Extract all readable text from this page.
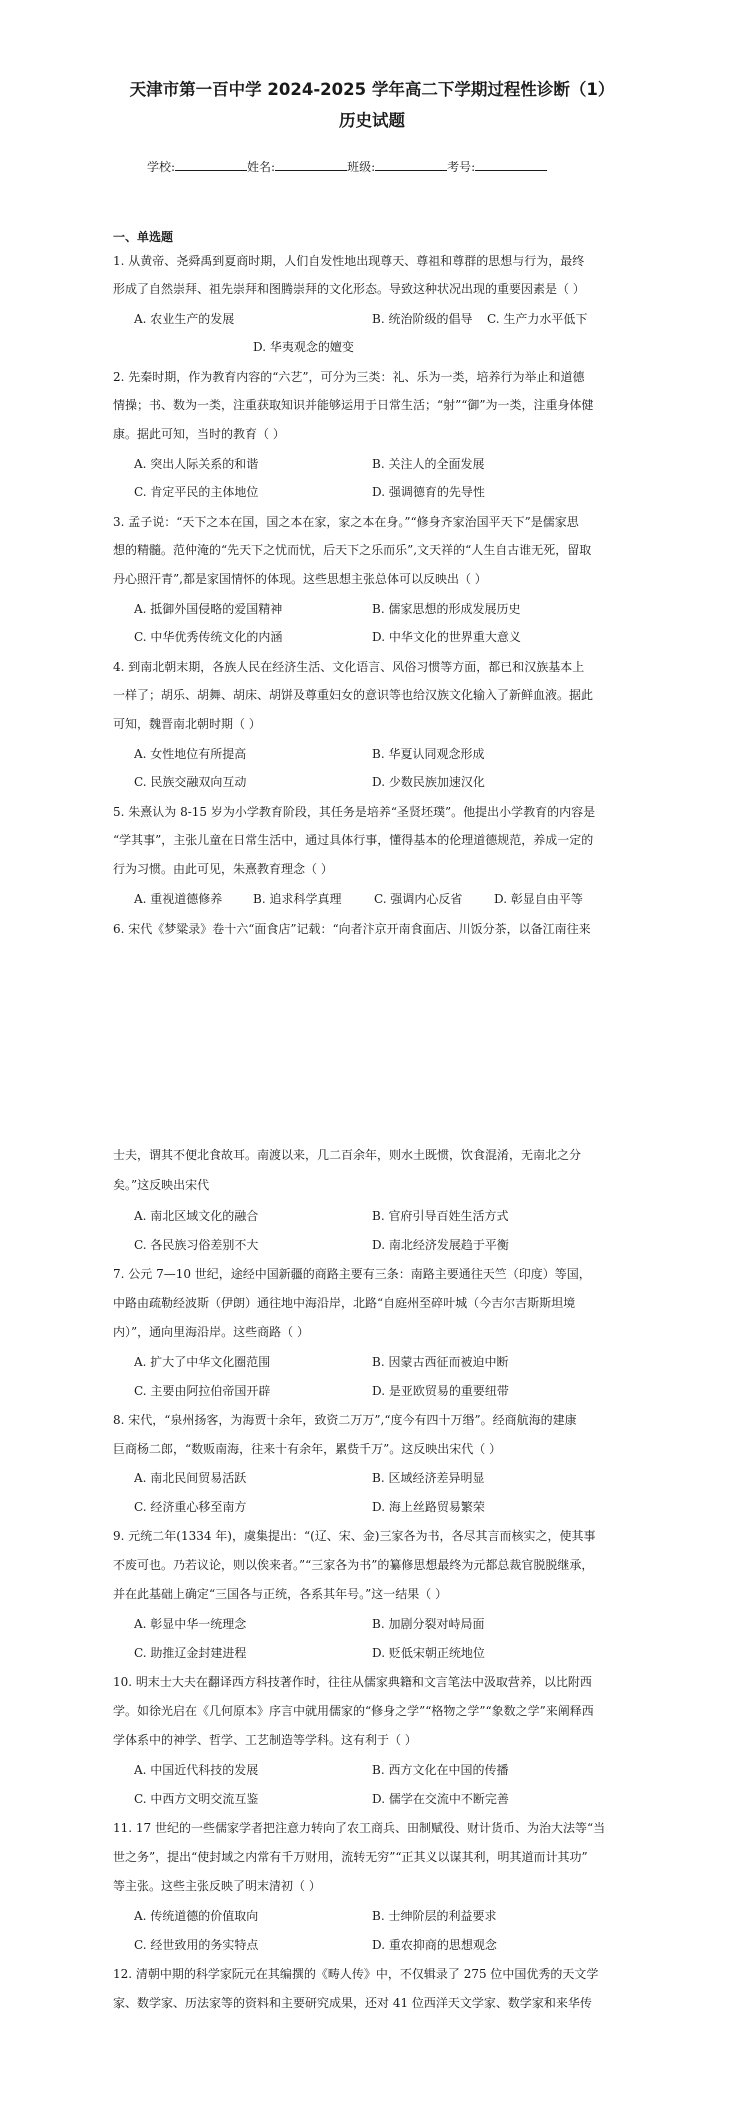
天津市第一百中学 2024-2025 学年高二下学期过程性诊断（1）
历史试题
学校:	姓名:	班级:	考号:
一、单选题
1. 从黄帝、尧舜禹到夏商时期，人们自发性地出现尊天、尊祖和尊群的思想与行为，最终
形成了自然崇拜、祖先崇拜和图腾崇拜的文化形态。导致这种状况出现的重要因素是（ ）
A. 农业生产的发展	B. 统治阶级的倡导 C. 生产力水平低下
D. 华夷观念的嬗变
2. 先秦时期，作为教育内容的“六艺”，可分为三类：礼、乐为一类，培养行为举止和道德
情操；书、数为一类，注重获取知识并能够运用于日常生活；“射”“御”为一类，注重身体健
康。据此可知，当时的教育（ ）
A. 突出人际关系的和谐	B. 关注人的全面发展
C. 肯定平民的主体地位	D. 强调德育的先导性
3. 孟子说：“天下之本在国，国之本在家，家之本在身。”“修身齐家治国平天下”是儒家思
想的精髓。范仲淹的“先天下之忧而忧，后天下之乐而乐”,文天祥的“人生自古谁无死，留取
丹心照汗青”,都是家国情怀的体现。这些思想主张总体可以反映出（ ）
A. 抵御外国侵略的爱国精神	B. 儒家思想的形成发展历史
C. 中华优秀传统文化的内涵	D. 中华文化的世界重大意义
4. 到南北朝末期，各族人民在经济生活、文化语言、风俗习惯等方面，都已和汉族基本上
一样了；胡乐、胡舞、胡床、胡饼及尊重妇女的意识等也给汉族文化输入了新鲜血液。据此
可知，魏晋南北朝时期（ ）
A. 女性地位有所提高	B. 华夏认同观念形成
C. 民族交融双向互动	D. 少数民族加速汉化
5. 朱熹认为 8-15 岁为小学教育阶段，其任务是培养“圣贤坯璞”。他提出小学教育的内容是
“学其事”，主张儿童在日常生活中，通过具体行事，懂得基本的伦理道德规范，养成一定的
行为习惯。由此可见，朱熹教育理念（ ）
A. 重视道德修养	B. 追求科学真理	C. 强调内心反省	D. 彰显自由平等
6. 宋代《梦粱录》卷十六“面食店”记载：“向者汴京开南食面店、川饭分茶，以备江南往来
士夫，谓其不便北食故耳。南渡以来，几二百余年，则水土既惯，饮食混淆，无南北之分
矣。”这反映出宋代
A. 南北区域文化的融合	B. 官府引导百姓生活方式
C. 各民族习俗差别不大	D. 南北经济发展趋于平衡
7. 公元 7—10 世纪，途经中国新疆的商路主要有三条：南路主要通往天竺（印度）等国，
中路由疏勒经波斯（伊朗）通往地中海沿岸，北路“自庭州至碎叶城（今吉尔吉斯斯坦境
内）”，通向里海沿岸。这些商路（ ）
A. 扩大了中华文化圈范围	B. 因蒙古西征而被迫中断
C. 主要由阿拉伯帝国开辟	D. 是亚欧贸易的重要纽带
8. 宋代，“泉州扬客，为海贾十余年，致资二万万”,“度今有四十万缗”。经商航海的建康
巨商杨二郎，“数贩南海，往来十有余年，累赀千万”。这反映出宋代（ ）
A. 南北民间贸易活跃	B. 区域经济差异明显
C. 经济重心移至南方	D. 海上丝路贸易繁荣
9. 元统二年(1334 年)，虞集提出：“(辽、宋、金)三家各为书，各尽其言而核实之，使其事
不废可也。乃若议论，则以俟来者。”“三家各为书”的纂修思想最终为元都总裁官脱脱继承，
并在此基础上确定“三国各与正统，各系其年号。”这一结果（ ）
A. 彰显中华一统理念	B. 加剧分裂对峙局面
C. 助推辽金封建进程	D. 贬低宋朝正统地位
10. 明末士大夫在翻译西方科技著作时，往往从儒家典籍和文言笔法中汲取营养，以比附西
学。如徐光启在《几何原本》序言中就用儒家的“修身之学”“格物之学”“象数之学”来阐释西
学体系中的神学、哲学、工艺制造等学科。这有利于（ ）
A. 中国近代科技的发展	B. 西方文化在中国的传播
C. 中西方文明交流互鉴	D. 儒学在交流中不断完善
11. 17 世纪的一些儒家学者把注意力转向了农工商兵、田制赋役、财计货币、为治大法等“当
世之务”，提出“使封域之内常有千万财用，流转无穷”“正其义以谋其利，明其道而计其功”
等主张。这些主张反映了明末清初（ ）
A. 传统道德的价值取向	B. 士绅阶层的利益要求
C. 经世致用的务实特点	D. 重农抑商的思想观念
12. 清朝中期的科学家阮元在其编撰的《畴人传》中，不仅辑录了 275 位中国优秀的天文学
家、数学家、历法家等的资料和主要研究成果，还对 41 位西洋天文学家、数学家和来华传
